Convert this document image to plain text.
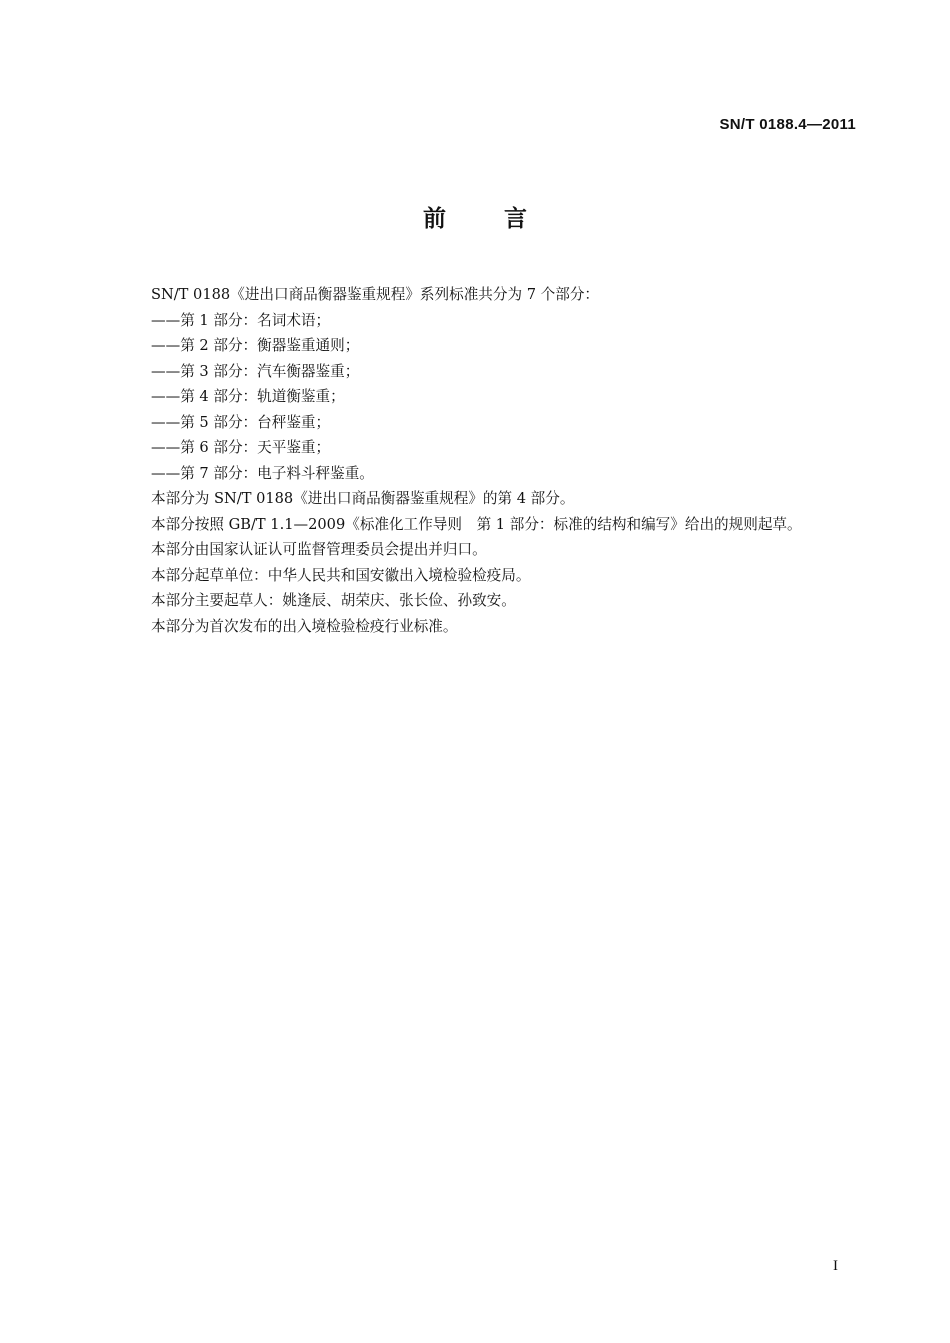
SN/T 0188.4—2011
前言
SN/T 0188《进出口商品衡器鉴重规程》系列标准共分为 7 个部分：
——第 1 部分：名词术语；
——第 2 部分：衡器鉴重通则；
——第 3 部分：汽车衡器鉴重；
——第 4 部分：轨道衡鉴重；
——第 5 部分：台秤鉴重；
——第 6 部分：天平鉴重；
——第 7 部分：电子料斗秤鉴重。
本部分为 SN/T 0188《进出口商品衡器鉴重规程》的第 4 部分。
本部分按照 GB/T 1.1—2009《标准化工作导则　第 1 部分：标准的结构和编写》给出的规则起草。
本部分由国家认证认可监督管理委员会提出并归口。
本部分起草单位：中华人民共和国安徽出入境检验检疫局。
本部分主要起草人：姚逢辰、胡荣庆、张长俭、孙致安。
本部分为首次发布的出入境检验检疫行业标准。
I
